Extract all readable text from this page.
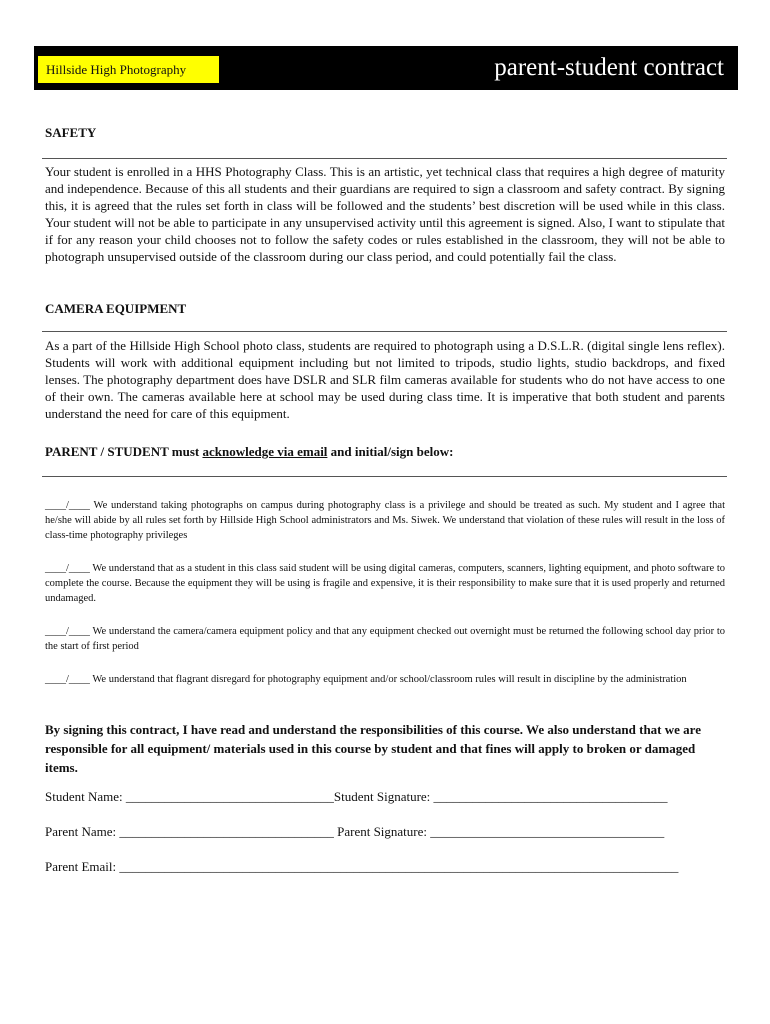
Hillside High Photography	parent-student contract
SAFETY
Your student is enrolled in a HHS Photography Class. This is an artistic, yet technical class that requires a high degree of maturity and independence. Because of this all students and their guardians are required to sign a classroom and safety contract. By signing this, it is agreed that the rules set forth in class will be followed and the students’ best discretion will be used while in this class. Your student will not be able to participate in any unsupervised activity until this agreement is signed. Also, I want to stipulate that if for any reason your child chooses not to follow the safety codes or rules established in the classroom, they will not be able to photograph unsupervised outside of the classroom during our class period, and could potentially fail the class.
CAMERA EQUIPMENT
As a part of the Hillside High School photo class, students are required to photograph using a D.S.L.R. (digital single lens reflex). Students will work with additional equipment including but not limited to tripods, studio lights, studio backdrops, and fixed lenses. The photography department does have DSLR and SLR film cameras available for students who do not have access to one of their own. The cameras available here at school may be used during class time. It is imperative that both student and parents understand the need for care of this equipment.
PARENT / STUDENT must acknowledge via email and initial/sign below:
____/____ We understand taking photographs on campus during photography class is a privilege and should be treated as such. My student and I agree that he/she will abide by all rules set forth by Hillside High School administrators and Ms. Siwek. We understand that violation of these rules will result in the loss of class-time photography privileges
____/____ We understand that as a student in this class said student will be using digital cameras, computers, scanners, lighting equipment, and photo software to complete the course. Because the equipment they will be using is fragile and expensive, it is their responsibility to make sure that it is used properly and returned undamaged.
____/____ We understand the camera/camera equipment policy and that any equipment checked out overnight must be returned the following school day prior to the start of first period
____/____ We understand that flagrant disregard for photography equipment and/or school/classroom rules will result in discipline by the administration
By signing this contract, I have read and understand the responsibilities of this course. We also understand that we are responsible for all equipment/ materials used in this course by student and that fines will apply to broken or damaged items.
Student Name: ________________________________Student Signature: ____________________________________
Parent Name: _________________________________ Parent Signature: ____________________________________
Parent Email: ______________________________________________________________________________________
